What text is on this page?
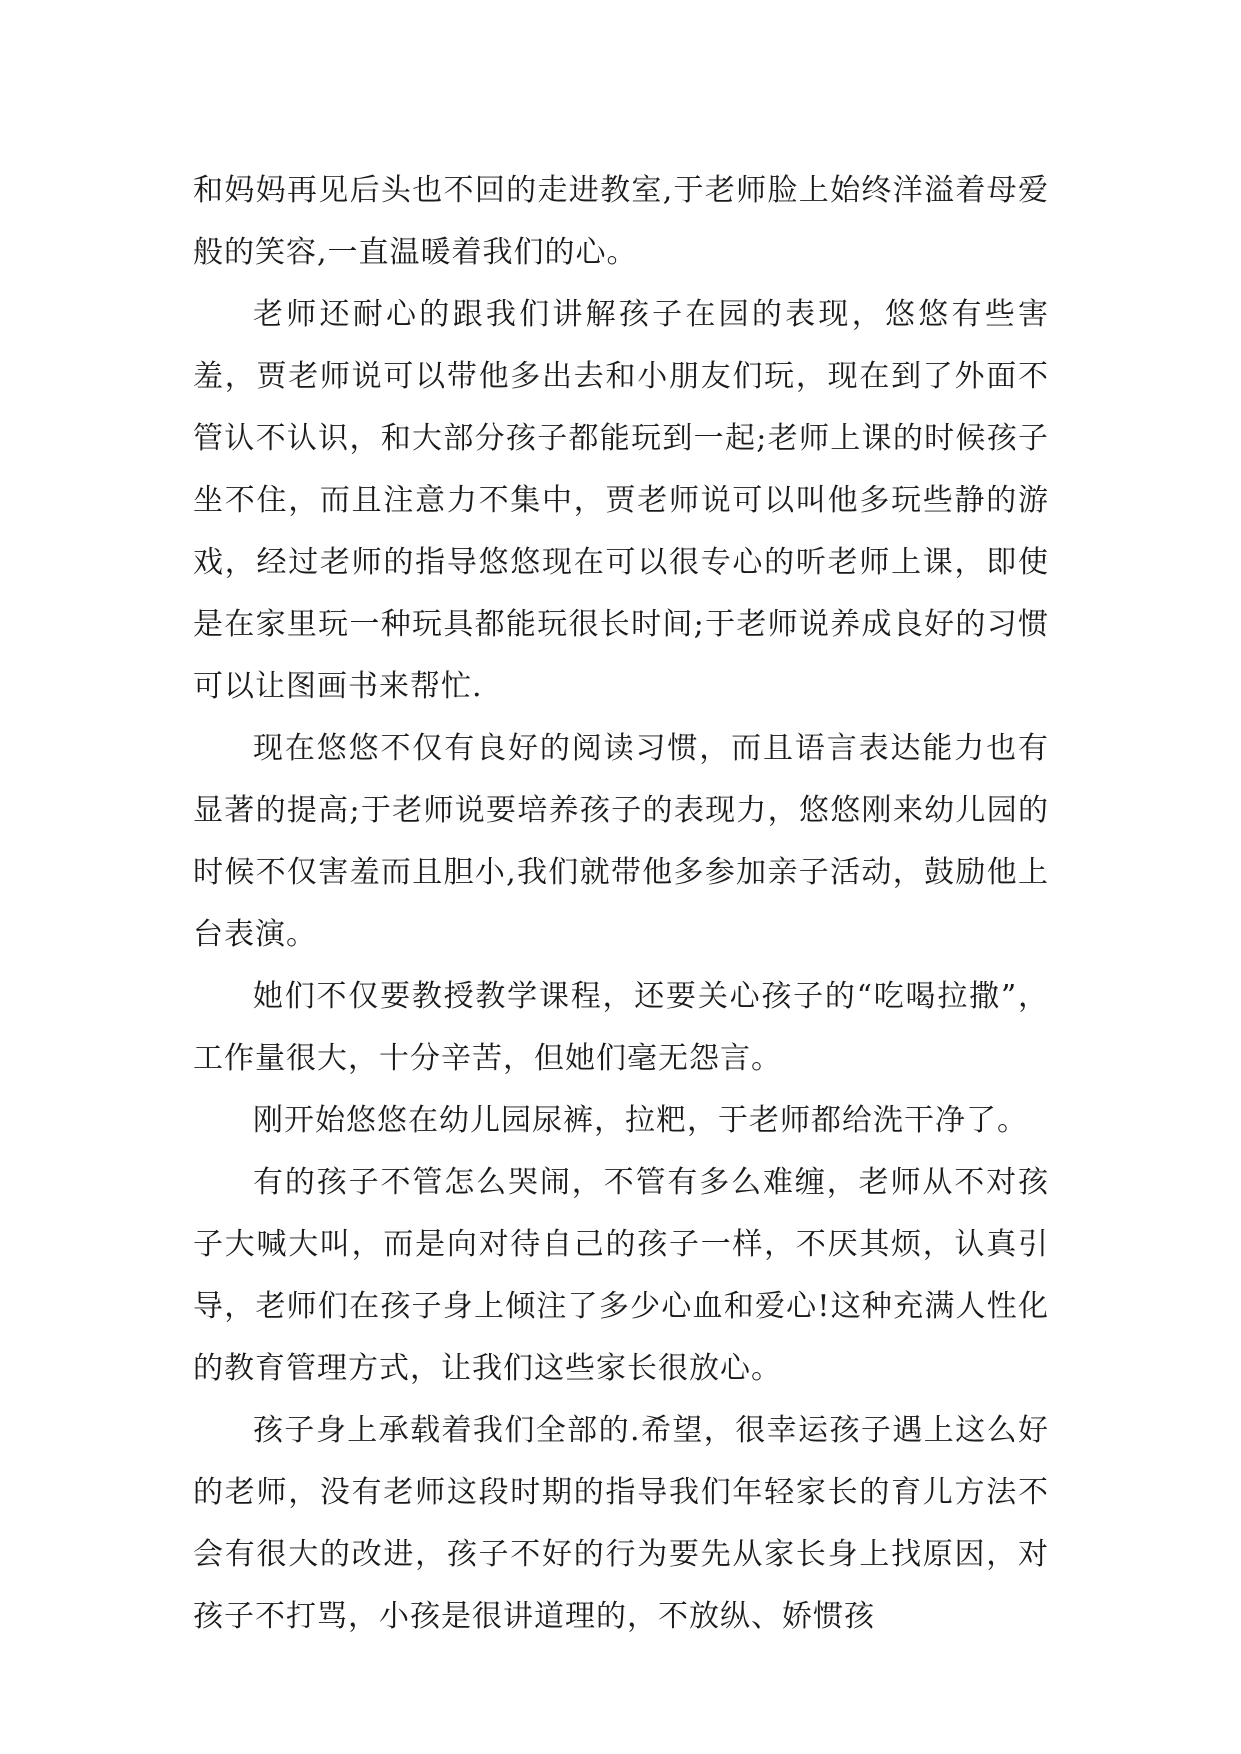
和妈妈再见后头也不回的走进教室,于老师脸上始终洋溢着母爱般的笑容,一直温暖着我们的心。

老师还耐心的跟我们讲解孩子在园的表现，悠悠有些害羞，贾老师说可以带他多出去和小朋友们玩，现在到了外面不管认不认识，和大部分孩子都能玩到一起;老师上课的时候孩子坐不住，而且注意力不集中，贾老师说可以叫他多玩些静的游戏，经过老师的指导悠悠现在可以很专心的听老师上课，即使是在家里玩一种玩具都能玩很长时间;于老师说养成良好的习惯可以让图画书来帮忙.

现在悠悠不仅有良好的阅读习惯，而且语言表达能力也有显著的提高;于老师说要培养孩子的表现力，悠悠刚来幼儿园的时候不仅害羞而且胆小,我们就带他多参加亲子活动，鼓励他上台表演。

她们不仅要教授教学课程，还要关心孩子的“吃喝拉撒”，工作量很大，十分辛苦，但她们毫无怨言。

刚开始悠悠在幼儿园尿裤，拉粑，于老师都给洗干净了。

有的孩子不管怎么哭闹，不管有多么难缠，老师从不对孩子大喊大叫，而是向对待自己的孩子一样，不厌其烦，认真引导，老师们在孩子身上倾注了多少心血和爱心!这种充满人性化的教育管理方式，让我们这些家长很放心。

孩子身上承载着我们全部的.希望，很幸运孩子遇上这么好的老师，没有老师这段时期的指导我们年轻家长的育儿方法不会有很大的改进，孩子不好的行为要先从家长身上找原因，对孩子不打骂，小孩是很讲道理的，不放纵、娇惯孩
